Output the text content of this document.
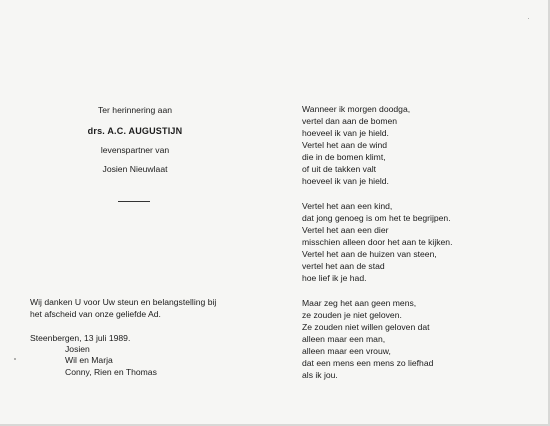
Ter herinnering aan
drs. A.C. AUGUSTIJN
levenspartner van
Josien Nieuwlaat
Wij danken U voor Uw steun en belangstelling bij
het afscheid van onze geliefde Ad.
Steenbergen, 13 juli 1989.
Josien
Wil en Marja
Conny, Rien en Thomas
Wanneer ik morgen doodga,
vertel dan aan de bomen
hoeveel ik van je hield.
Vertel het aan de wind
die in de bomen klimt,
of uit de takken valt
hoeveel ik van je hield.
Vertel het aan een kind,
dat jong genoeg is om het te begrijpen.
Vertel het aan een dier
misschien alleen door het aan te kijken.
Vertel het aan de huizen van steen,
vertel het aan de stad
hoe lief ik je had.
Maar zeg het aan geen mens,
ze zouden je niet geloven.
Ze zouden niet willen geloven dat
alleen maar een man,
alleen maar een vrouw,
dat een mens een mens zo liefhad
als ik jou.
